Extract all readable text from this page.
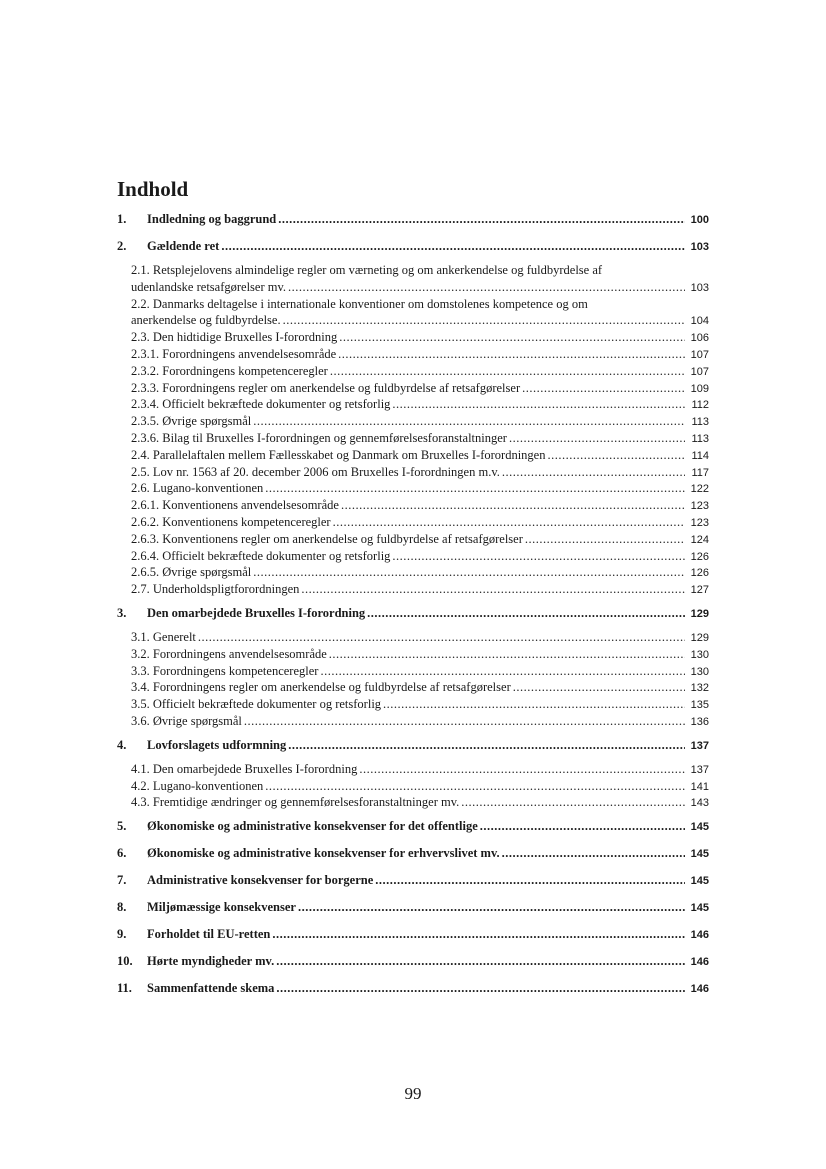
Indhold
1. Indledning og baggrund .....	100
2. Gældende ret .....	103
2.1. Retsplejelovens almindelige regler om værneting og om ankerkendelse og fuldbyrdelse af
udenlandske retsafgørelser mv. .....	103
2.2. Danmarks deltagelse i internationale konventioner om domstolenes kompetence og om
anerkendelse og fuldbyrdelse. .....	104
2.3. Den hidtidige Bruxelles I-forordning .....	106
2.3.1. Forordningens anvendelsesområde .....	107
2.3.2. Forordningens kompetenceregler .....	107
2.3.3. Forordningens regler om anerkendelse og fuldbyrdelse af retsafgørelser .....	109
2.3.4. Officielt bekræftede dokumenter og retsforlig .....	112
2.3.5. Øvrige spørgsmål .....	113
2.3.6. Bilag til Bruxelles I-forordningen og gennemførelsesforanstaltninger .....	113
2.4. Parallelaftalen mellem Fællesskabet og Danmark om Bruxelles I-forordningen .....	114
2.5. Lov nr. 1563 af 20. december 2006 om Bruxelles I-forordningen m.v. .....	117
2.6. Lugano-konventionen .....	122
2.6.1. Konventionens anvendelsesområde .....	123
2.6.2. Konventionens kompetenceregler .....	123
2.6.3. Konventionens regler om anerkendelse og fuldbyrdelse af retsafgørelser .....	124
2.6.4. Officielt bekræftede dokumenter og retsforlig .....	126
2.6.5. Øvrige spørgsmål .....	126
2.7. Underholdspligtforordningen .....	127
3. Den omarbejdede Bruxelles I-forordning .....	129
3.1. Generelt .....	129
3.2. Forordningens anvendelsesområde .....	130
3.3. Forordningens kompetenceregler .....	130
3.4. Forordningens regler om anerkendelse og fuldbyrdelse af retsafgørelser .....	132
3.5. Officielt bekræftede dokumenter og retsforlig .....	135
3.6. Øvrige spørgsmål .....	136
4. Lovforslagets udformning .....	137
4.1. Den omarbejdede Bruxelles I-forordning .....	137
4.2. Lugano-konventionen .....	141
4.3. Fremtidige ændringer og gennemførelsesforanstaltninger mv. .....	143
5. Økonomiske og administrative konsekvenser for det offentlige .....	145
6. Økonomiske og administrative konsekvenser for erhvervslivet mv. .....	145
7. Administrative konsekvenser for borgerne .....	145
8. Miljømæssige konsekvenser .....	145
9. Forholdet til EU-retten .....	146
10. Hørte myndigheder mv. .....	146
11. Sammenfattende skema .....	146
99
